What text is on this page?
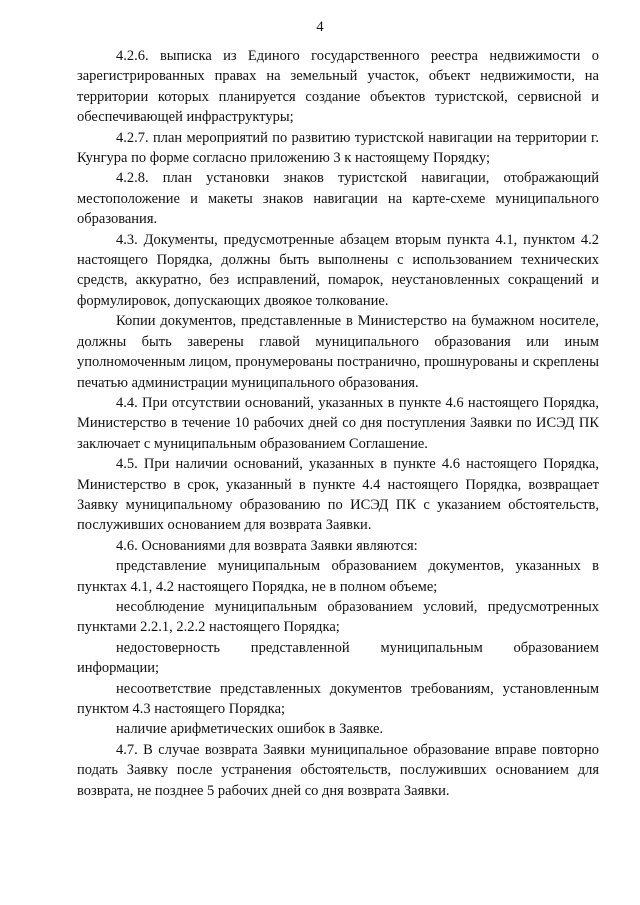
4

4.2.6. выписка из Единого государственного реестра недвижимости о зарегистрированных правах на земельный участок, объект недвижимости, на территории которых планируется создание объектов туристской, сервисной и обеспечивающей инфраструктуры;

4.2.7. план мероприятий по развитию туристской навигации на территории г. Кунгура по форме согласно приложению 3 к настоящему Порядку;

4.2.8. план установки знаков туристской навигации, отображающий местоположение и макеты знаков навигации на карте-схеме муниципального образования.

4.3. Документы, предусмотренные абзацем вторым пункта 4.1, пунктом 4.2 настоящего Порядка, должны быть выполнены с использованием технических средств, аккуратно, без исправлений, помарок, неустановленных сокращений и формулировок, допускающих двоякое толкование.

Копии документов, представленные в Министерство на бумажном носителе, должны быть заверены главой муниципального образования или иным уполномоченным лицом, пронумерованы постранично, прошнурованы и скреплены печатью администрации муниципального образования.

4.4. При отсутствии оснований, указанных в пункте 4.6 настоящего Порядка, Министерство в течение 10 рабочих дней со дня поступления Заявки по ИСЭД ПК заключает с муниципальным образованием Соглашение.

4.5. При наличии оснований, указанных в пункте 4.6 настоящего Порядка, Министерство в срок, указанный в пункте 4.4 настоящего Порядка, возвращает Заявку муниципальному образованию по ИСЭД ПК с указанием обстоятельств, послуживших основанием для возврата Заявки.

4.6. Основаниями для возврата Заявки являются:

представление муниципальным образованием документов, указанных в пунктах 4.1, 4.2 настоящего Порядка, не в полном объеме;

несоблюдение муниципальным образованием условий, предусмотренных пунктами 2.2.1, 2.2.2 настоящего Порядка;

недостоверность представленной муниципальным образованием информации;

несоответствие представленных документов требованиям, установленным пунктом 4.3 настоящего Порядка;

наличие арифметических ошибок в Заявке.

4.7. В случае возврата Заявки муниципальное образование вправе повторно подать Заявку после устранения обстоятельств, послуживших основанием для возврата, не позднее 5 рабочих дней со дня возврата Заявки.
